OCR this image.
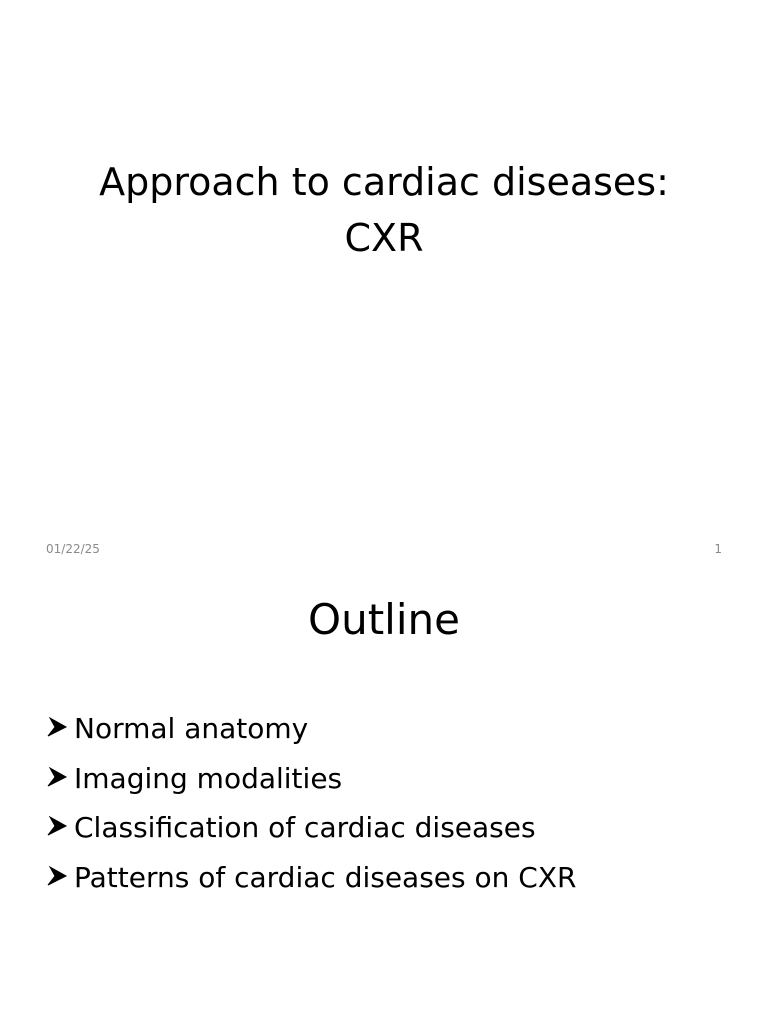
Approach to cardiac diseases:
CXR
01/22/25	1
Outline
Normal anatomy
Imaging modalities
Classification of cardiac diseases
Patterns of cardiac diseases on CXR
